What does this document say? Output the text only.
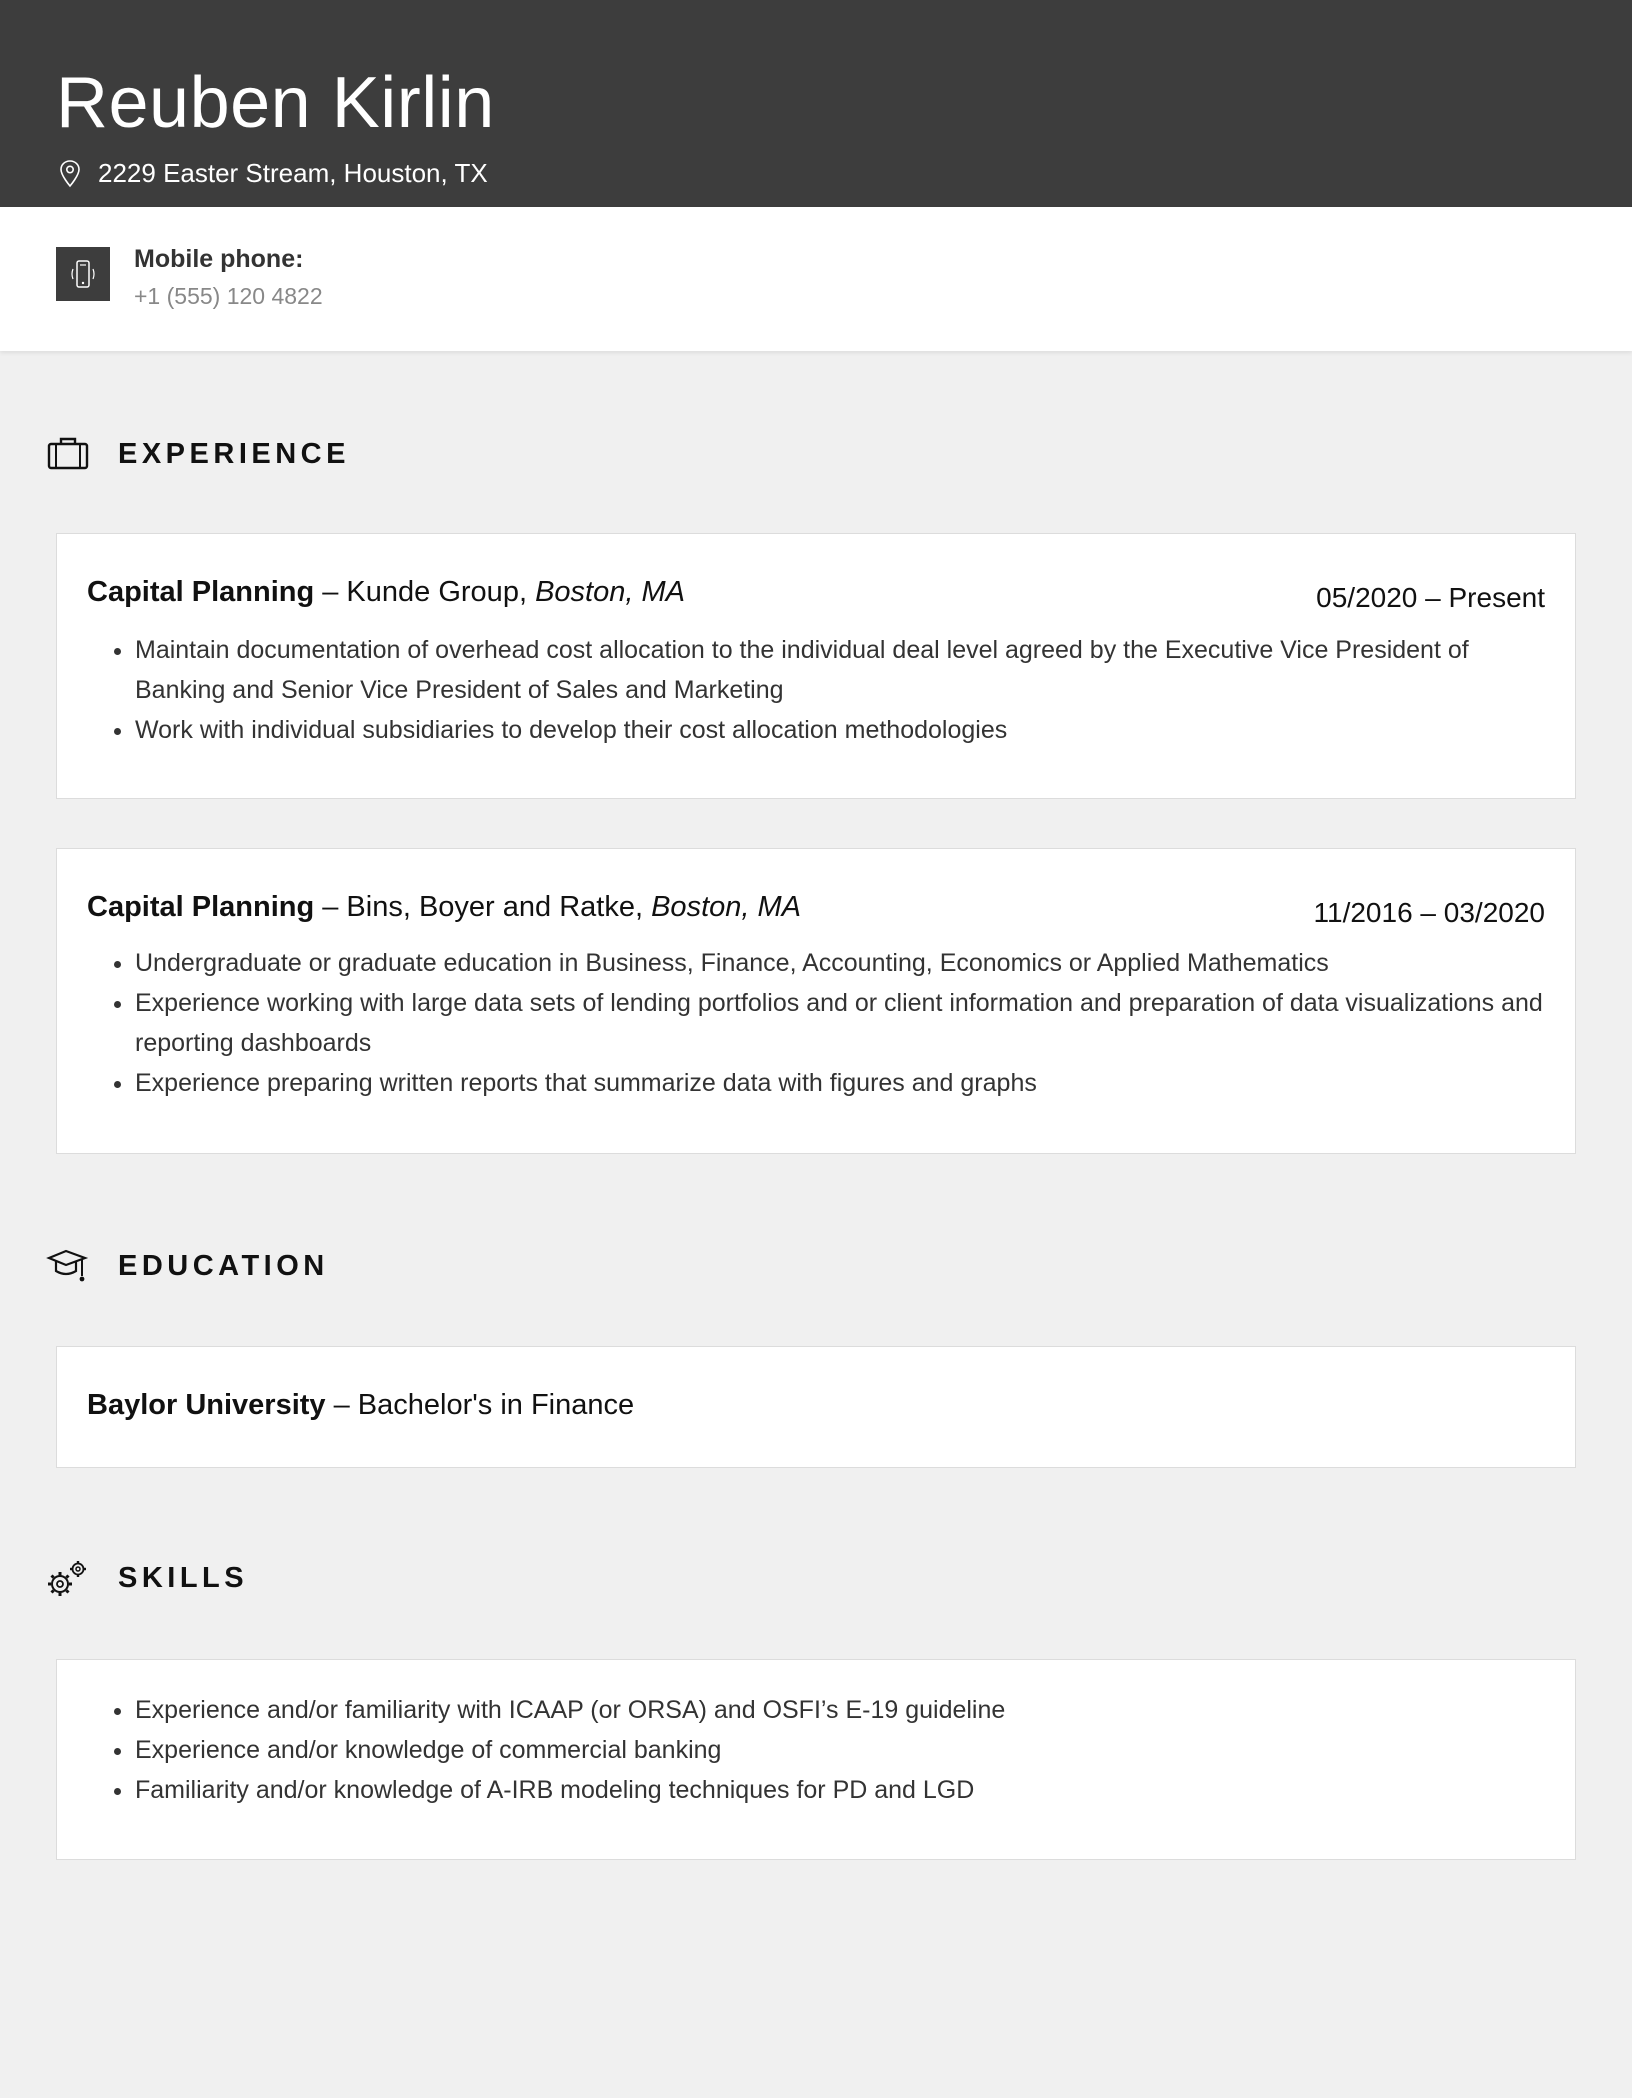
Reuben Kirlin
2229 Easter Stream, Houston, TX
Mobile phone:
+1 (555) 120 4822
EXPERIENCE
Capital Planning – Kunde Group, Boston, MA	05/2020 – Present
• Maintain documentation of overhead cost allocation to the individual deal level agreed by the Executive Vice President of Banking and Senior Vice President of Sales and Marketing
• Work with individual subsidiaries to develop their cost allocation methodologies
Capital Planning – Bins, Boyer and Ratke, Boston, MA	11/2016 – 03/2020
• Undergraduate or graduate education in Business, Finance, Accounting, Economics or Applied Mathematics
• Experience working with large data sets of lending portfolios and or client information and preparation of data visualizations and reporting dashboards
• Experience preparing written reports that summarize data with figures and graphs
EDUCATION
Baylor University – Bachelor's in Finance
SKILLS
• Experience and/or familiarity with ICAAP (or ORSA) and OSFI’s E-19 guideline
• Experience and/or knowledge of commercial banking
• Familiarity and/or knowledge of A-IRB modeling techniques for PD and LGD
